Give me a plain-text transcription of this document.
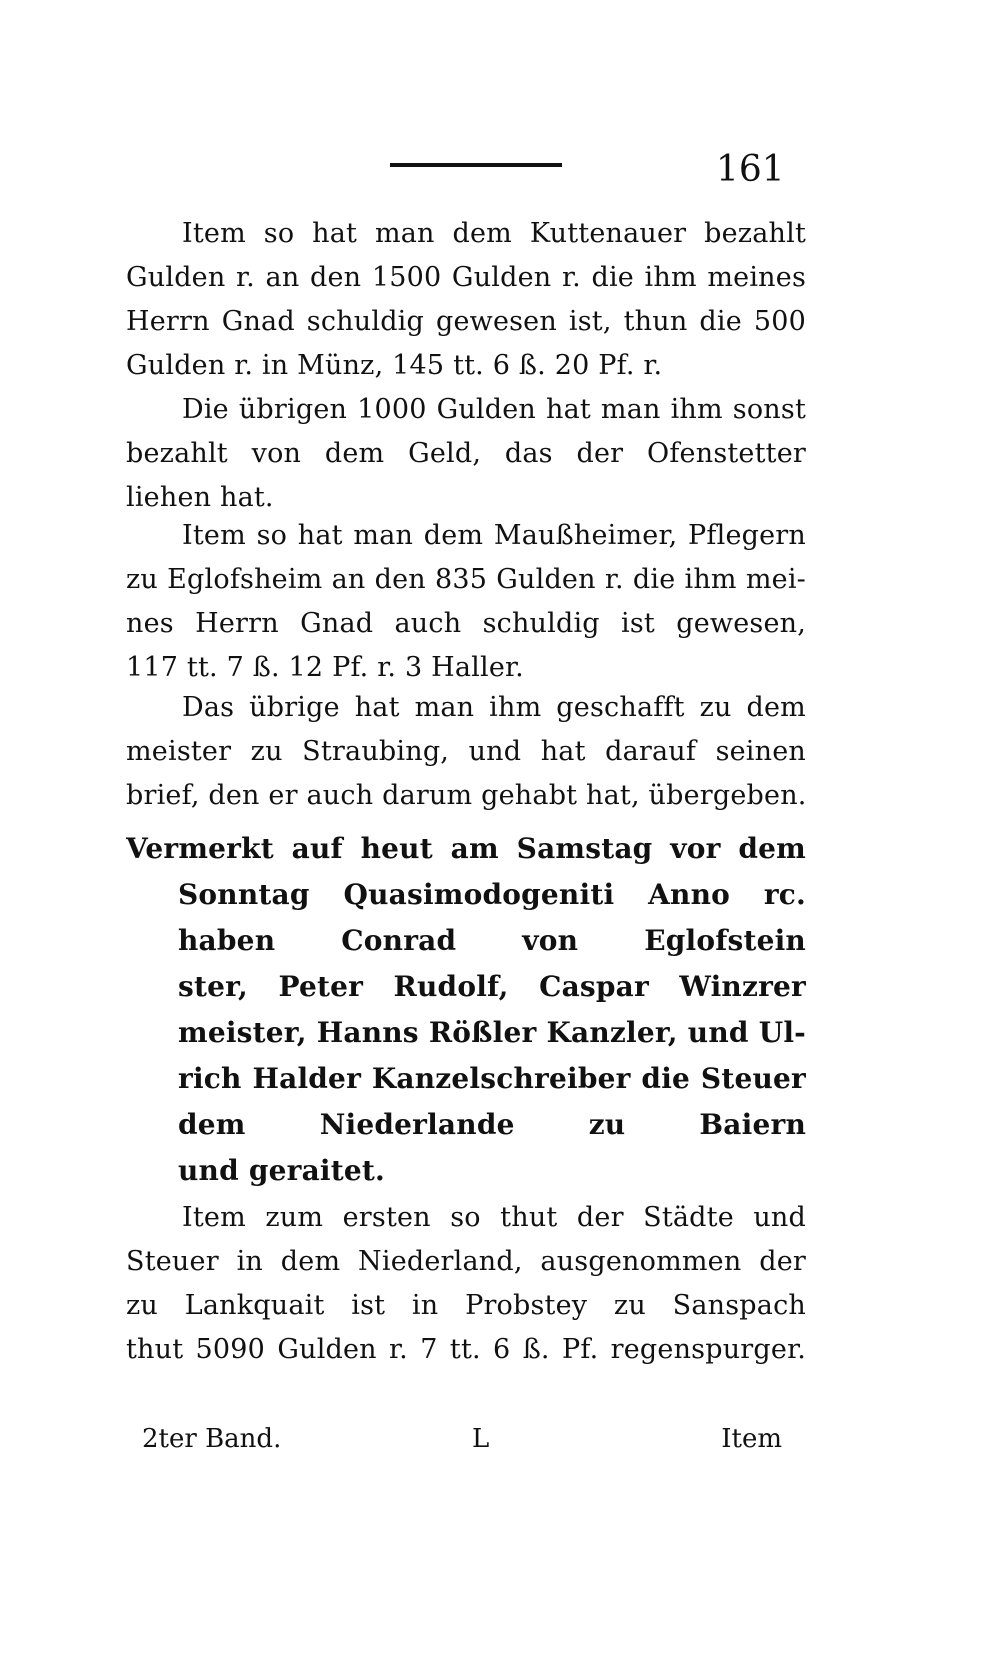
161
Item so hat man dem Kuttenauer bezahlt
Gulden r. an den 1500 Gulden r. die ihm meines
Herrn Gnad schuldig gewesen ist, thun die 500
Gulden r. in Münz, 145 tt. 6 ß. 20 Pf. r.
Die übrigen 1000 Gulden hat man ihm sonst
bezahlt von dem Geld, das der Ofenstetter
liehen hat.
Item so hat man dem Maußheimer, Pflegern
zu Eglofsheim an den 835 Gulden r. die ihm mei-
nes Herrn Gnad auch schuldig ist gewesen,
117 tt. 7 ß. 12 Pf. r. 3 Haller.
Das übrige hat man ihm geschafft zu dem
meister zu Straubing, und hat darauf seinen
brief, den er auch darum gehabt hat, übergeben.
Vermerkt auf heut am Samstag vor dem
Sonntag Quasimodogeniti Anno rc.
haben Conrad von Eglofstein
ster, Peter Rudolf, Caspar Winzrer
meister, Hanns Rößler Kanzler, und Ul-
rich Halder Kanzelschreiber die Steuer
dem Niederlande zu Baiern
und geraitet.
Item zum ersten so thut der Städte und
Steuer in dem Niederland, ausgenommen der
zu Lankquait ist in Probstey zu Sanspach
thut 5090 Gulden r. 7 tt. 6 ß. Pf. regenspurger.
2ter Band.	L	Item
